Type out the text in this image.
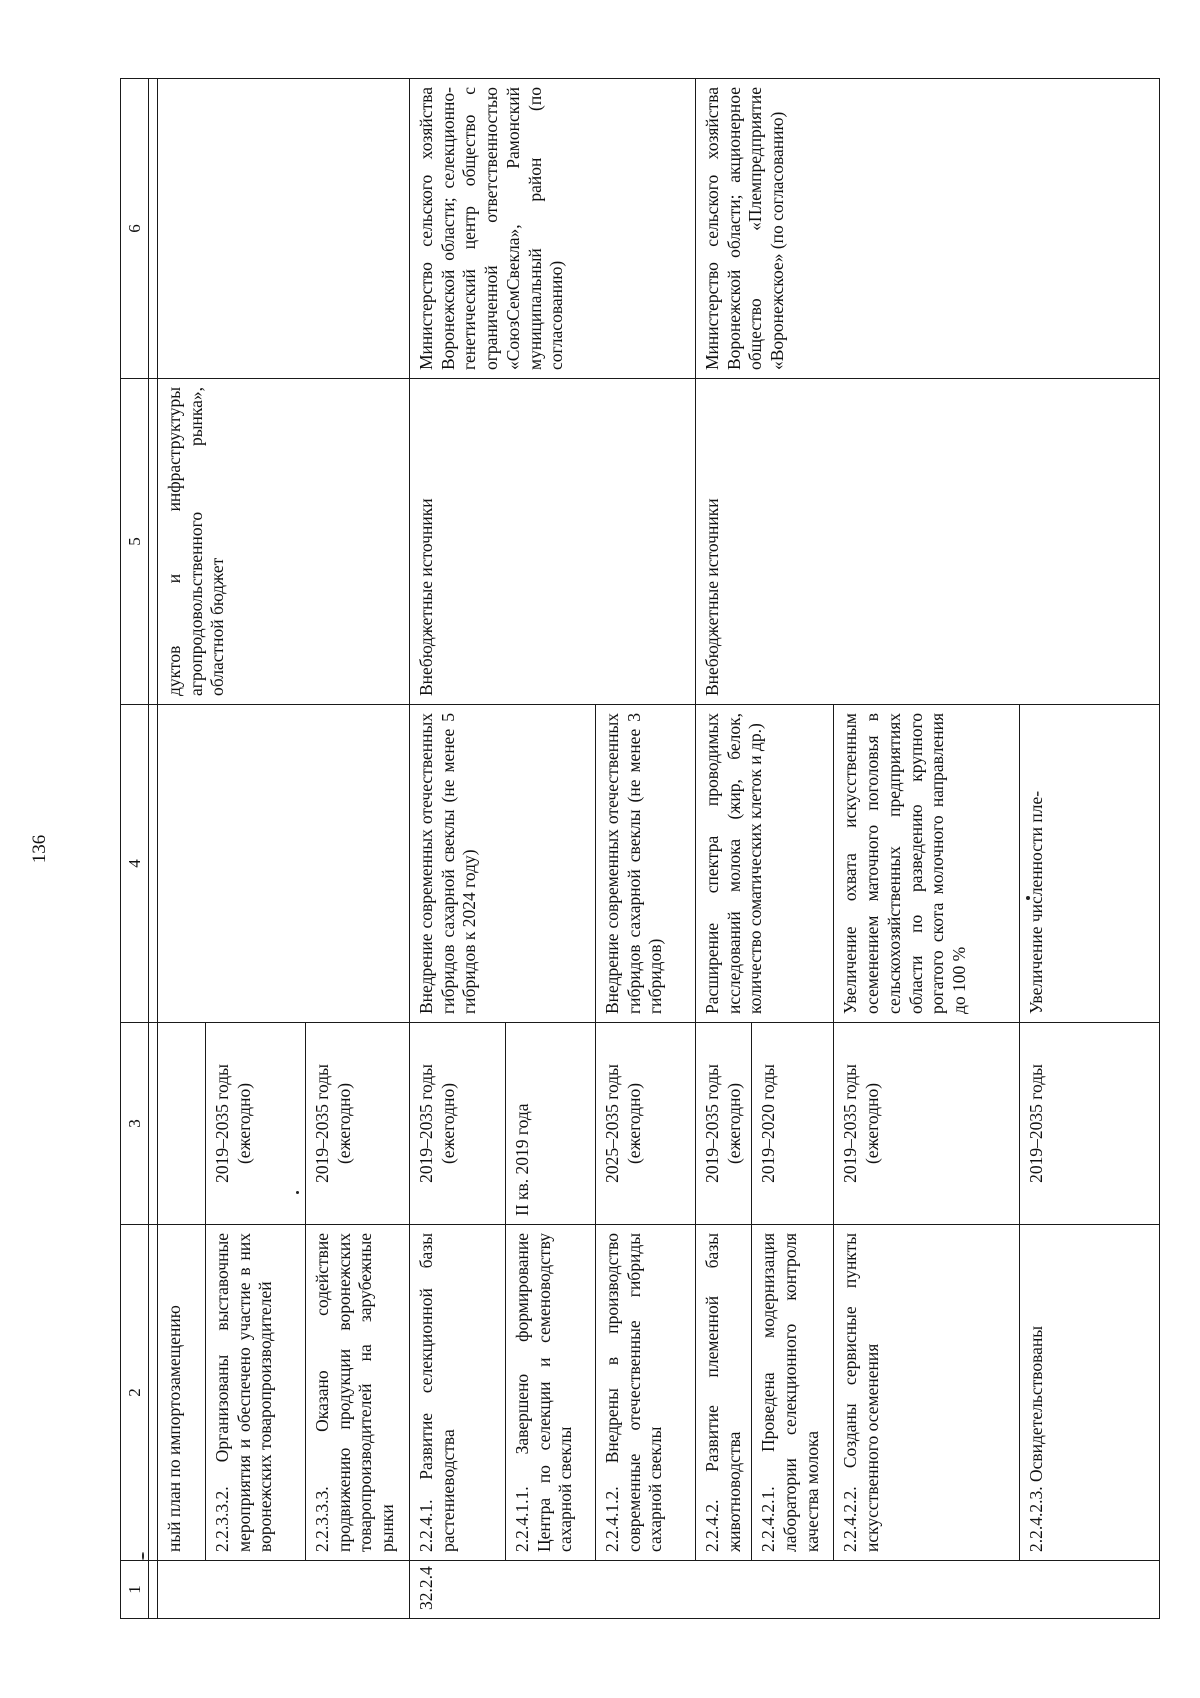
136
1	2	3	4	5	6

	ный план по импортозамещению			дуктов и инфраструктуры агропродовольственного рынка», областной бюджет	
	2.2.3.3.2. Организованы выставочные мероприятия и обеспечено участие в них воронежских товаропроизводителей	2019–2035 годы (ежегодно)			
	2.2.3.3.3. Оказано содействие продвижению продукции воронежских товаропроизводителей на зарубежные рынки	2019–2035 годы (ежегодно)			
32.2.4	2.2.4.1. Развитие селекционной базы растениеводства	2019–2035 годы (ежегодно)	Внедрение современных отечественных гибридов сахарной свеклы (не менее 5 гибридов к 2024 году)	Внебюджетные источники	Министерство сельского хозяйства Воронежской области; селекционно-генетический центр общество с ограниченной ответственностью «СоюзСемСвекла», Рамонский муниципальный район (по согласованию)
	2.2.4.1.1. Завершено формирование Центра по селекции и семеноводству сахарной свеклы	II кв. 2019 года			
	2.2.4.1.2. Внедрены в производство современные отечественные гибриды сахарной свеклы	2025–2035 годы (ежегодно)	Внедрение современных отечественных гибридов сахарной свеклы (не менее 3 гибридов)		
	2.2.4.2. Развитие племенной базы животноводства	2019–2035 годы (ежегодно)	Расширение спектра проводимых исследований молока (жир, белок, количество соматических клеток и др.)	Внебюджетные источники	Министерство сельского хозяйства Воронежской области; акционерное общество «Племпредприятие «Воронежское» (по согласованию)
	2.2.4.2.1. Проведена модернизация лаборатории селекционного контроля качества молока	2019–2020 годы			
	2.2.4.2.2. Созданы сервисные пункты искусственного осеменения	2019–2035 годы (ежегодно)	Увеличение охвата искусственным осеменением маточного поголовья в сельскохозяйственных предприятиях области по разведению крупного рогатого скота молочного направления до 100 %		
	2.2.4.2.3. Освидетельствованы	2019–2035 годы	Увеличение численности пле-		
